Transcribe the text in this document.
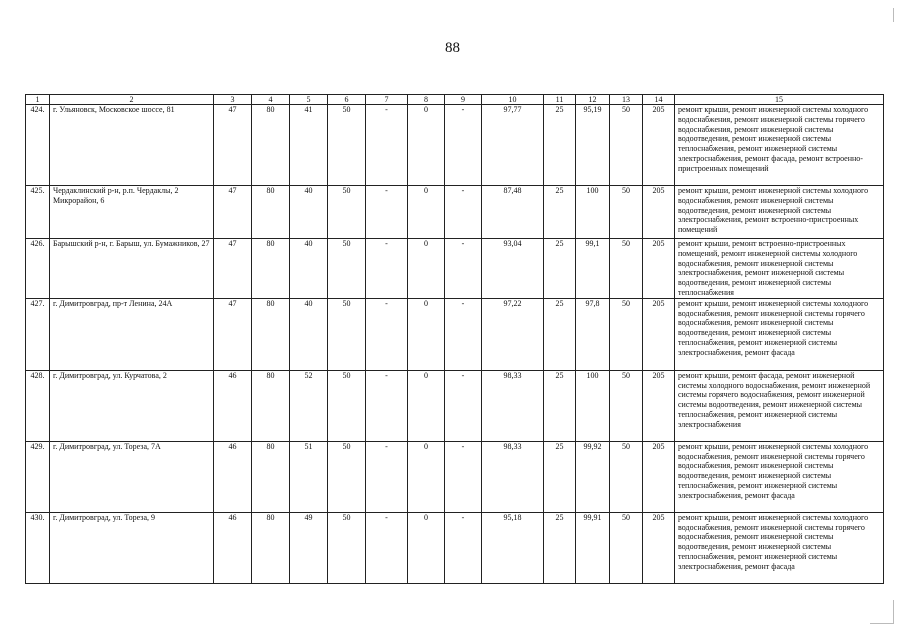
88
1	2	3	4	5	6	7	8	9	10	11	12	13	14	15
424.	г. Ульяновск, Московское шоссе, 81	47	80	41	50	-	0	-	97,77	25	95,19	50	205	ремонт крыши, ремонт инженерной системы холодного водоснабжения, ремонт инженерной системы горячего водоснабжения, ремонт инженерной системы водоотведения, ремонт инженерной системы теплоснабжения, ремонт инженерной системы электроснабжения, ремонт фасада, ремонт встроенно-пристроенных помещений
425.	Чердаклинский р-н, р.п. Чердаклы, 2 Микрорайон, 6	47	80	40	50	-	0	-	87,48	25	100	50	205	ремонт крыши, ремонт инженерной системы холодного водоснабжения, ремонт инженерной системы водоотведения, ремонт инженерной системы электроснабжения, ремонт встроенно-пристроенных помещений
426.	Барышский р-н, г. Барыш, ул. Бумажников, 27	47	80	40	50	-	0	-	93,04	25	99,1	50	205	ремонт крыши, ремонт встроенно-пристроенных помещений, ремонт инженерной системы холодного водоснабжения, ремонт инженерной системы электроснабжения, ремонт инженерной системы водоотведения, ремонт инженерной системы теплоснабжения
427.	г. Димитровград, пр-т Ленина, 24А	47	80	40	50	-	0	-	97,22	25	97,8	50	205	ремонт крыши, ремонт инженерной системы холодного водоснабжения, ремонт инженерной системы горячего водоснабжения, ремонт инженерной системы водоотведения, ремонт инженерной системы теплоснабжения, ремонт инженерной системы электроснабжения, ремонт фасада
428.	г. Димитровград, ул. Курчатова, 2	46	80	52	50	-	0	-	98,33	25	100	50	205	ремонт крыши, ремонт фасада, ремонт инженерной системы холодного водоснабжения, ремонт инженерной системы горячего водоснабжения, ремонт инженерной системы водоотведения, ремонт инженерной системы теплоснабжения, ремонт инженерной системы электроснабжения
429.	г. Димитровград, ул. Тореза, 7А	46	80	51	50	-	0	-	98,33	25	99,92	50	205	ремонт крыши, ремонт инженерной системы холодного водоснабжения, ремонт инженерной системы горячего водоснабжения, ремонт инженерной системы водоотведения, ремонт инженерной системы теплоснабжения, ремонт инженерной системы электроснабжения, ремонт фасада
430.	г. Димитровград, ул. Тореза, 9	46	80	49	50	-	0	-	95,18	25	99,91	50	205	ремонт крыши, ремонт инженерной системы холодного водоснабжения, ремонт инженерной системы горячего водоснабжения, ремонт инженерной системы водоотведения, ремонт инженерной системы теплоснабжения, ремонт инженерной системы электроснабжения, ремонт фасада
